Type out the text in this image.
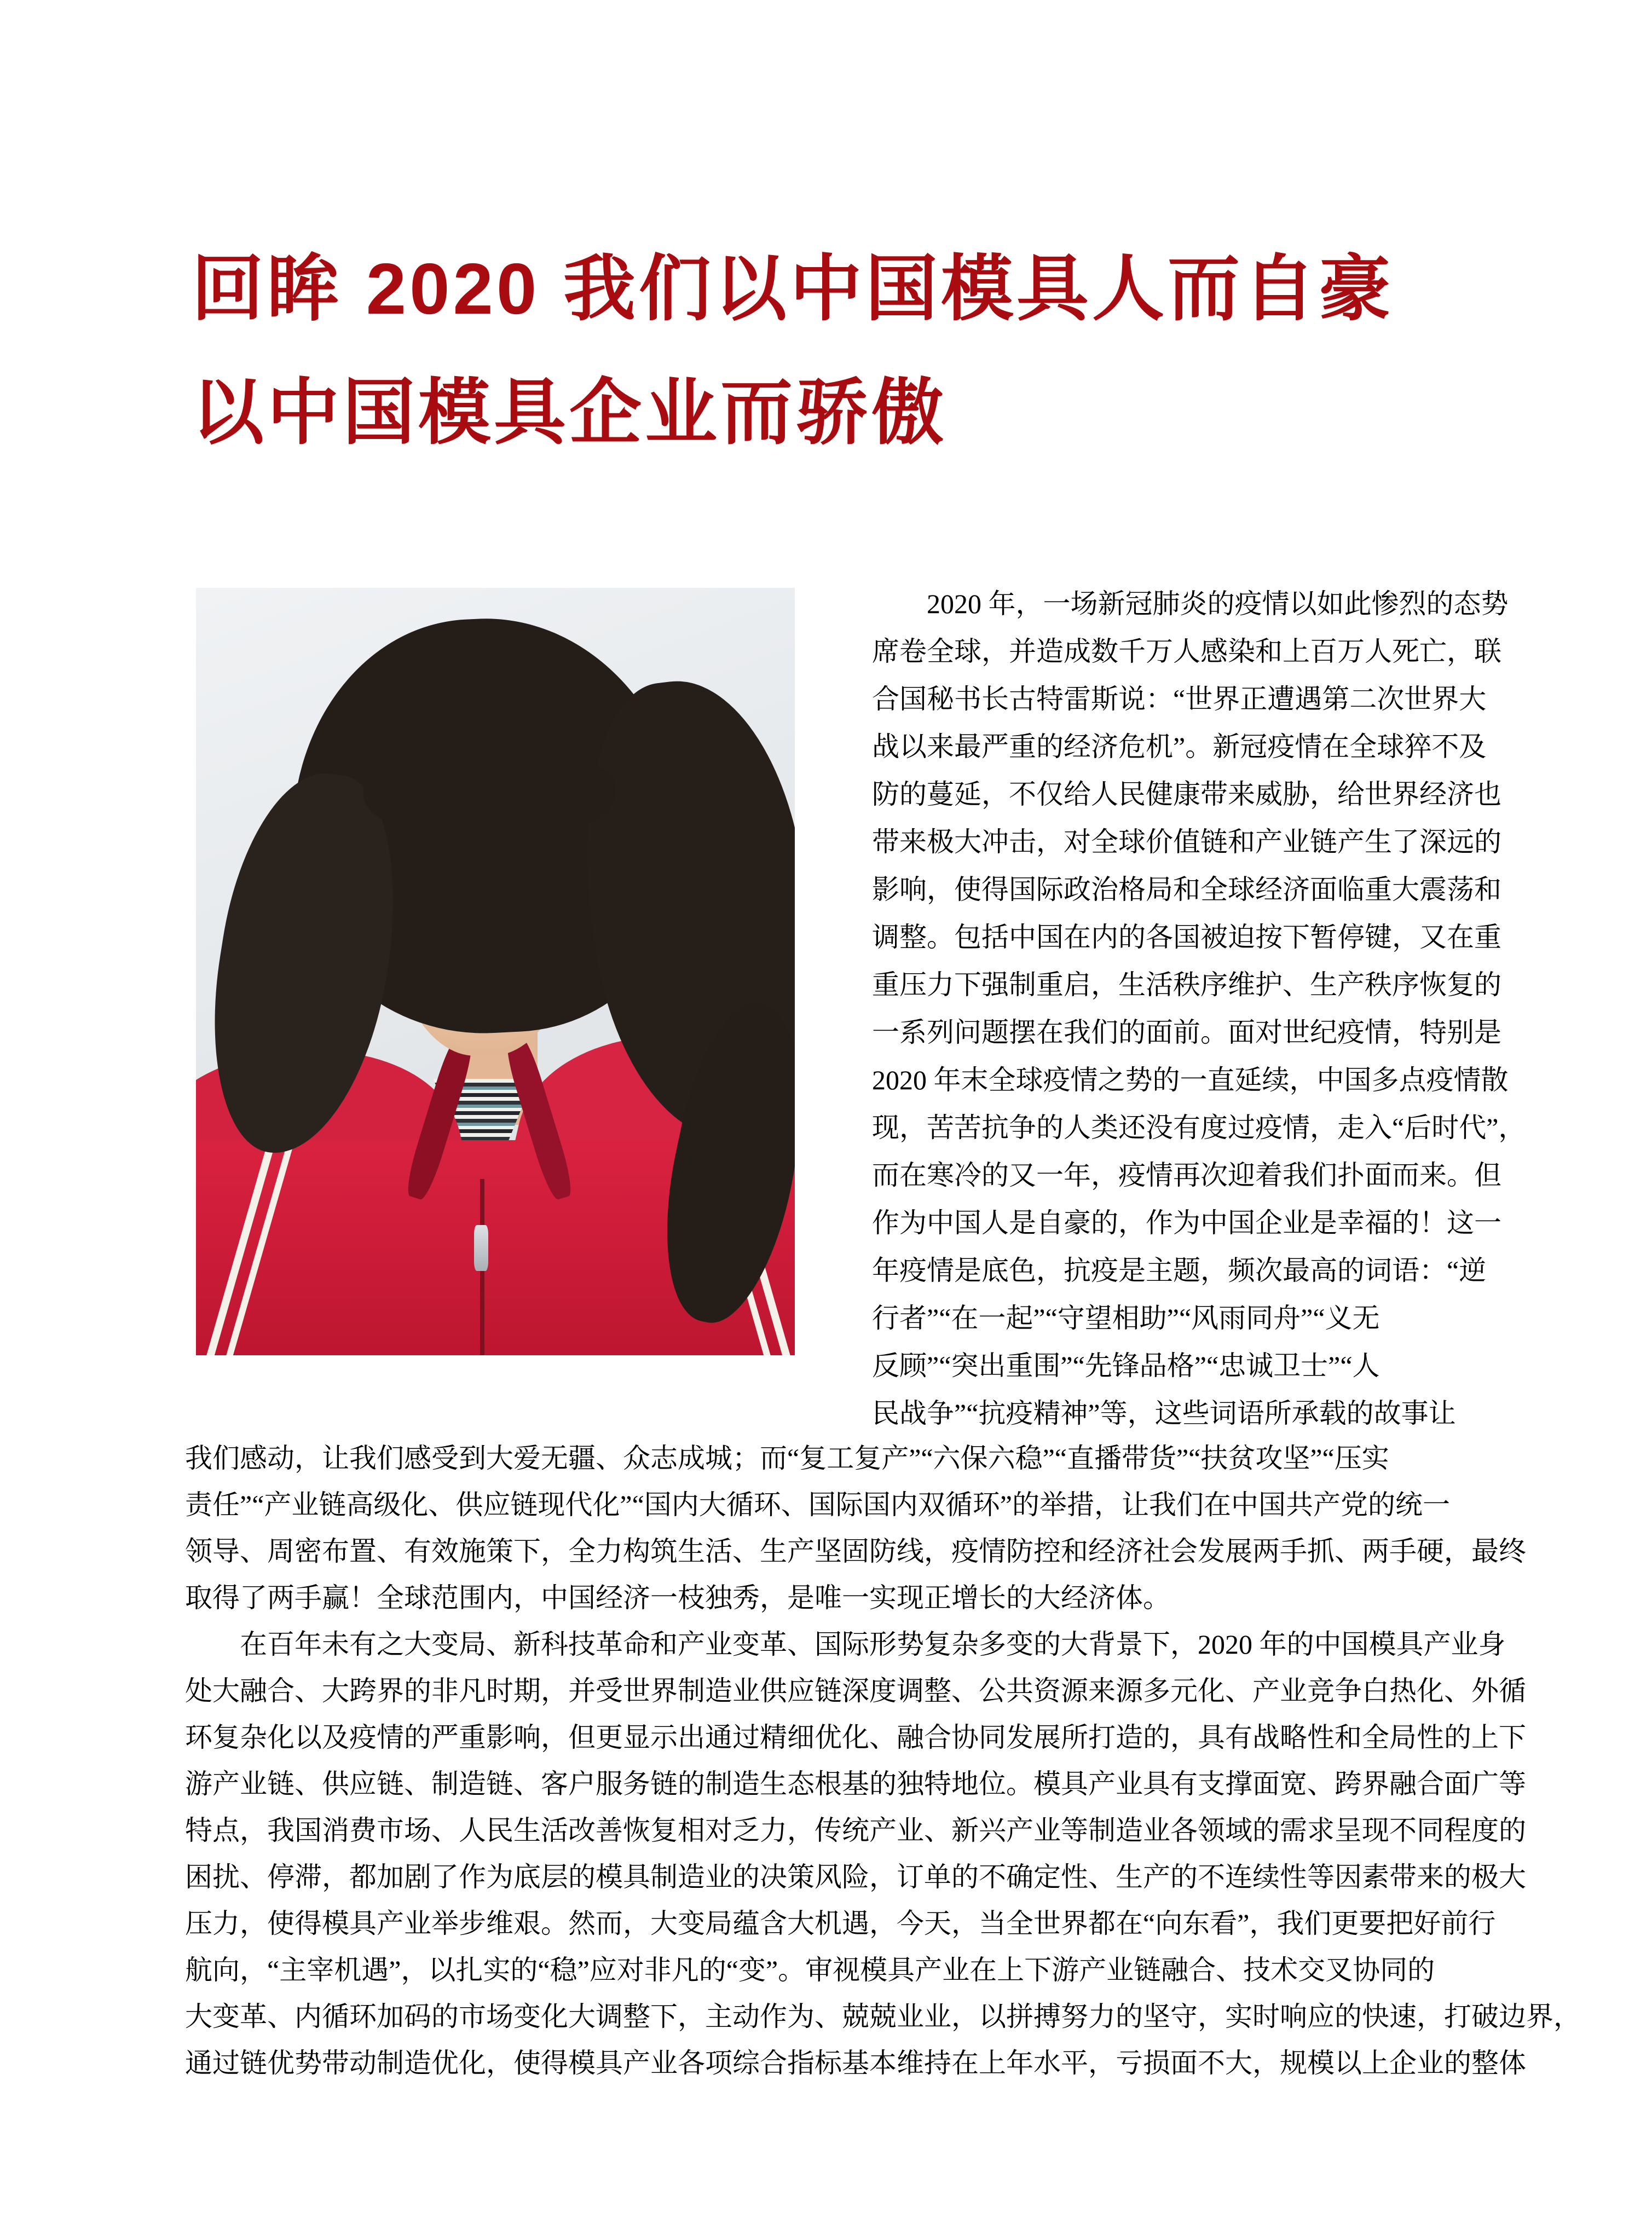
回眸 2020 我们以中国模具人而自豪
以中国模具企业而骄傲
2020 年，一场新冠肺炎的疫情以如此惨烈的态势
席卷全球，并造成数千万人感染和上百万人死亡，联
合国秘书长古特雷斯说：“世界正遭遇第二次世界大
战以来最严重的经济危机”。新冠疫情在全球猝不及
防的蔓延，不仅给人民健康带来威胁，给世界经济也
带来极大冲击，对全球价值链和产业链产生了深远的
影响，使得国际政治格局和全球经济面临重大震荡和
调整。包括中国在内的各国被迫按下暂停键，又在重
重压力下强制重启，生活秩序维护、生产秩序恢复的
一系列问题摆在我们的面前。面对世纪疫情，特别是
2020 年末全球疫情之势的一直延续，中国多点疫情散
现，苦苦抗争的人类还没有度过疫情，走入“后时代”，
而在寒冷的又一年，疫情再次迎着我们扑面而来。但
作为中国人是自豪的，作为中国企业是幸福的！这一
年疫情是底色，抗疫是主题，频次最高的词语：“逆
行者”“在一起”“守望相助”“风雨同舟”“义无
反顾”“突出重围”“先锋品格”“忠诚卫士”“人
民战争”“抗疫精神”等，这些词语所承载的故事让
我们感动，让我们感受到大爱无疆、众志成城；而“复工复产”“六保六稳”“直播带货”“扶贫攻坚”“压实
责任”“产业链高级化、供应链现代化”“国内大循环、国际国内双循环”的举措，让我们在中国共产党的统一
领导、周密布置、有效施策下，全力构筑生活、生产坚固防线，疫情防控和经济社会发展两手抓、两手硬，最终
取得了两手赢！全球范围内，中国经济一枝独秀，是唯一实现正增长的大经济体。
在百年未有之大变局、新科技革命和产业变革、国际形势复杂多变的大背景下，2020 年的中国模具产业身
处大融合、大跨界的非凡时期，并受世界制造业供应链深度调整、公共资源来源多元化、产业竞争白热化、外循
环复杂化以及疫情的严重影响，但更显示出通过精细优化、融合协同发展所打造的，具有战略性和全局性的上下
游产业链、供应链、制造链、客户服务链的制造生态根基的独特地位。模具产业具有支撑面宽、跨界融合面广等
特点，我国消费市场、人民生活改善恢复相对乏力，传统产业、新兴产业等制造业各领域的需求呈现不同程度的
困扰、停滞，都加剧了作为底层的模具制造业的决策风险，订单的不确定性、生产的不连续性等因素带来的极大
压力，使得模具产业举步维艰。然而，大变局蕴含大机遇，今天，当全世界都在“向东看”，我们更要把好前行
航向，“主宰机遇”，以扎实的“稳”应对非凡的“变”。审视模具产业在上下游产业链融合、技术交叉协同的
大变革、内循环加码的市场变化大调整下，主动作为、兢兢业业，以拼搏努力的坚守，实时响应的快速，打破边界，
通过链优势带动制造优化，使得模具产业各项综合指标基本维持在上年水平，亏损面不大，规模以上企业的整体
